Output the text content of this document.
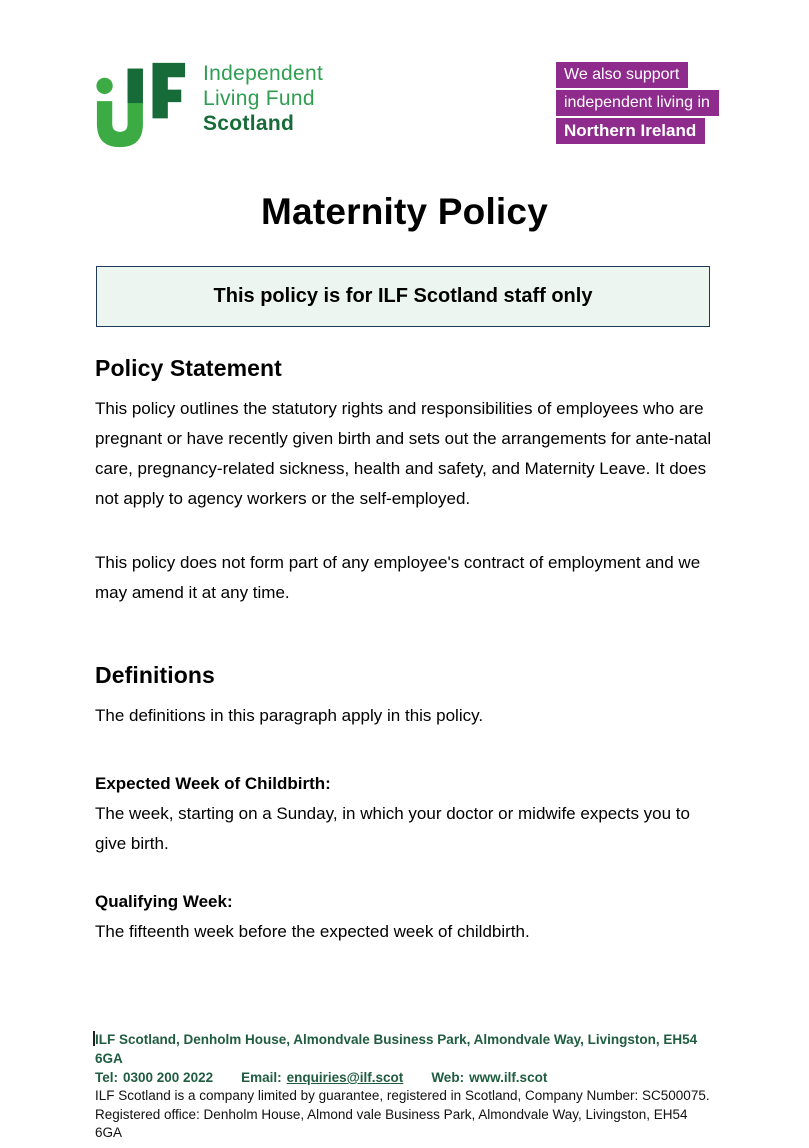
Independent
Living Fund
Scotland
We also support
independent living in
Northern Ireland
Maternity Policy
This policy is for ILF Scotland staff only
Policy Statement

This policy outlines the statutory rights and responsibilities of employees who are pregnant or have recently given birth and sets out the arrangements for ante-natal care, pregnancy-related sickness, health and safety, and Maternity Leave. It does not apply to agency workers or the self-employed.

This policy does not form part of any employee's contract of employment and we may amend it at any time.

Definitions

The definitions in this paragraph apply in this policy.

Expected Week of Childbirth:

The week, starting on a Sunday, in which your doctor or midwife expects you to give birth.

Qualifying Week:

The fifteenth week before the expected week of childbirth.

ILF Scotland, Denholm House, Almondvale Business Park, Almondvale Way, Livingston, EH54 6GA
Tel: 0300 200 2022 Email: enquiries@ilf.scot Web: www.ilf.scot
ILF Scotland is a company limited by guarantee, registered in Scotland, Company Number: SC500075.
Registered office: Denholm House, Almond vale Business Park, Almondvale Way, Livingston, EH54 6GA
